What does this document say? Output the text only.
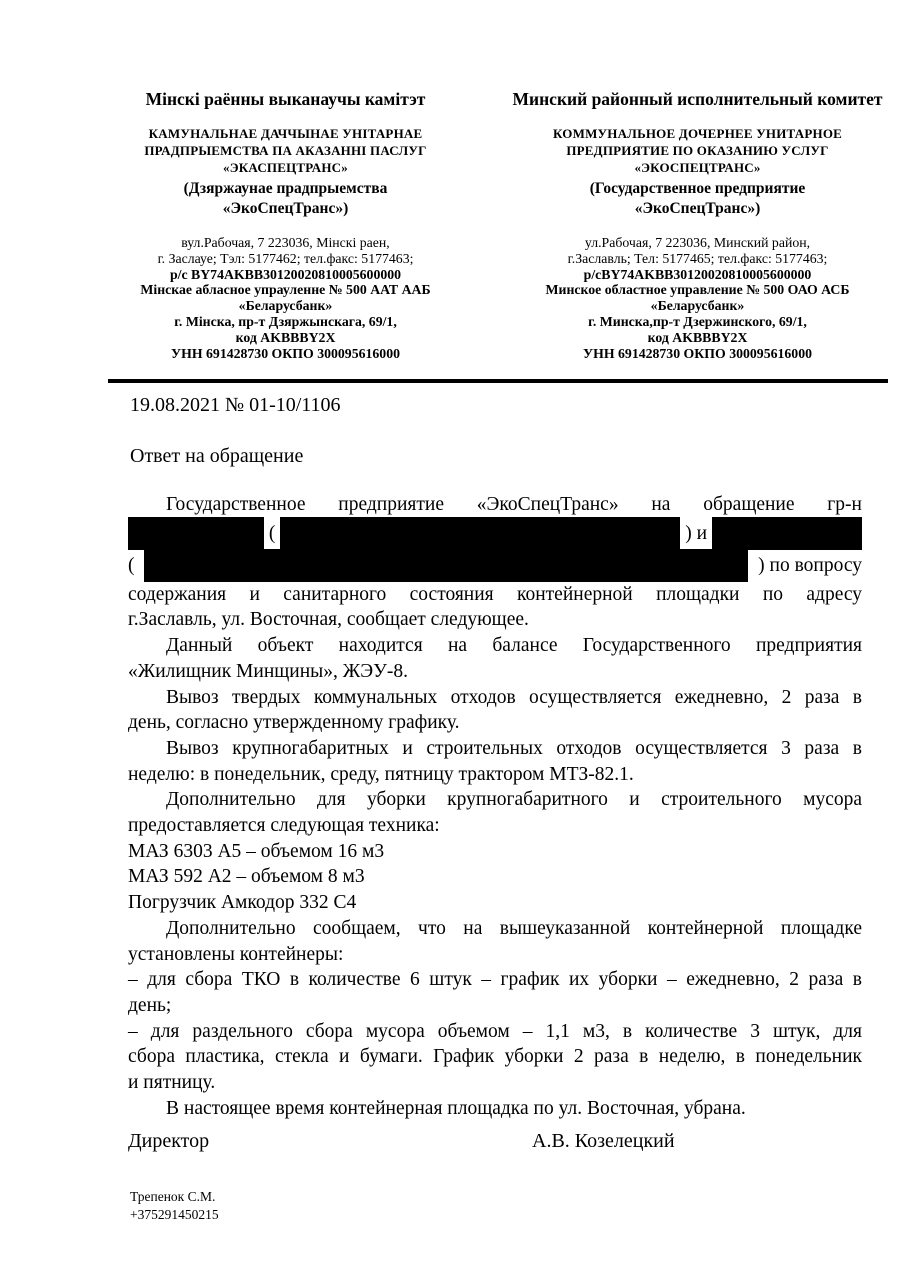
Мінскі раённы выканаучы камітэт
КАМУНАЛЬНАЕ ДАЧЧЫНАЕ УНІТАРНАЕ
ПРАДПРЫЕМСТВА ПА АКАЗАННІ ПАСЛУГ
«ЭКАСПЕЦТРАНС»
(Дзяржаунае прадпрыемства
«ЭкоСпецТранс»)
вул.Рабочая, 7 223036, Мінскі раен,
г. Заслауе; Тэл: 5177462; тел.факс: 5177463;
р/с BY74AKBB30120020810005600000
Мінскае абласное упрауленне № 500 ААТ ААБ
«Беларусбанк»
г. Мінска, пр-т Дзяржынскага, 69/1,
код AKBBBY2X
УНН 691428730 ОКПО 300095616000
Минский районный исполнительный комитет
КОММУНАЛЬНОЕ ДОЧЕРНЕЕ УНИТАРНОЕ
ПРЕДПРИЯТИЕ ПО ОКАЗАНИЮ УСЛУГ
«ЭКОСПЕЦТРАНС»
(Государственное предприятие
«ЭкоСпецТранс»)
ул.Рабочая, 7 223036, Минский район,
г.Заславль; Тел: 5177465; тел.факс: 5177463;
р/сBY74AKBB30120020810005600000
Минское областное управление № 500 ОАО АСБ
«Беларусбанк»
г. Минска,пр-т Дзержинского, 69/1,
код AKBBBY2X
УНН 691428730 ОКПО 300095616000
19.08.2021 № 01-10/1106
Ответ на обращение
Государственное предприятие «ЭкоСпецТранс» на обращение гр-н
(	) и
(	) по вопросу
содержания и санитарного состояния контейнерной площадки по адресу
г.Заславль, ул. Восточная, сообщает следующее.
Данный объект находится на балансе Государственного предприятия
«Жилищник Минщины», ЖЭУ-8.
Вывоз твердых коммунальных отходов осуществляется ежедневно, 2 раза в
день, согласно утвержденному графику.
Вывоз крупногабаритных и строительных отходов осуществляется 3 раза в
неделю: в понедельник, среду, пятницу трактором МТЗ-82.1.
Дополнительно для уборки крупногабаритного и строительного мусора
предоставляется следующая техника:
МАЗ 6303 А5 – объемом 16 м3
МАЗ 592 А2 – объемом 8 м3
Погрузчик Амкодор 332 С4
Дополнительно сообщаем, что на вышеуказанной контейнерной площадке
установлены контейнеры:
– для сбора ТКО в количестве 6 штук – график их уборки – ежедневно, 2 раза в
день;
– для раздельного сбора мусора объемом – 1,1 м3, в количестве 3 штук, для
сбора пластика, стекла и бумаги. График уборки 2 раза в неделю, в понедельник
и пятницу.
В настоящее время контейнерная площадка по ул. Восточная, убрана.
Директор	А.В. Козелецкий
Трепенок С.М.
+375291450215
